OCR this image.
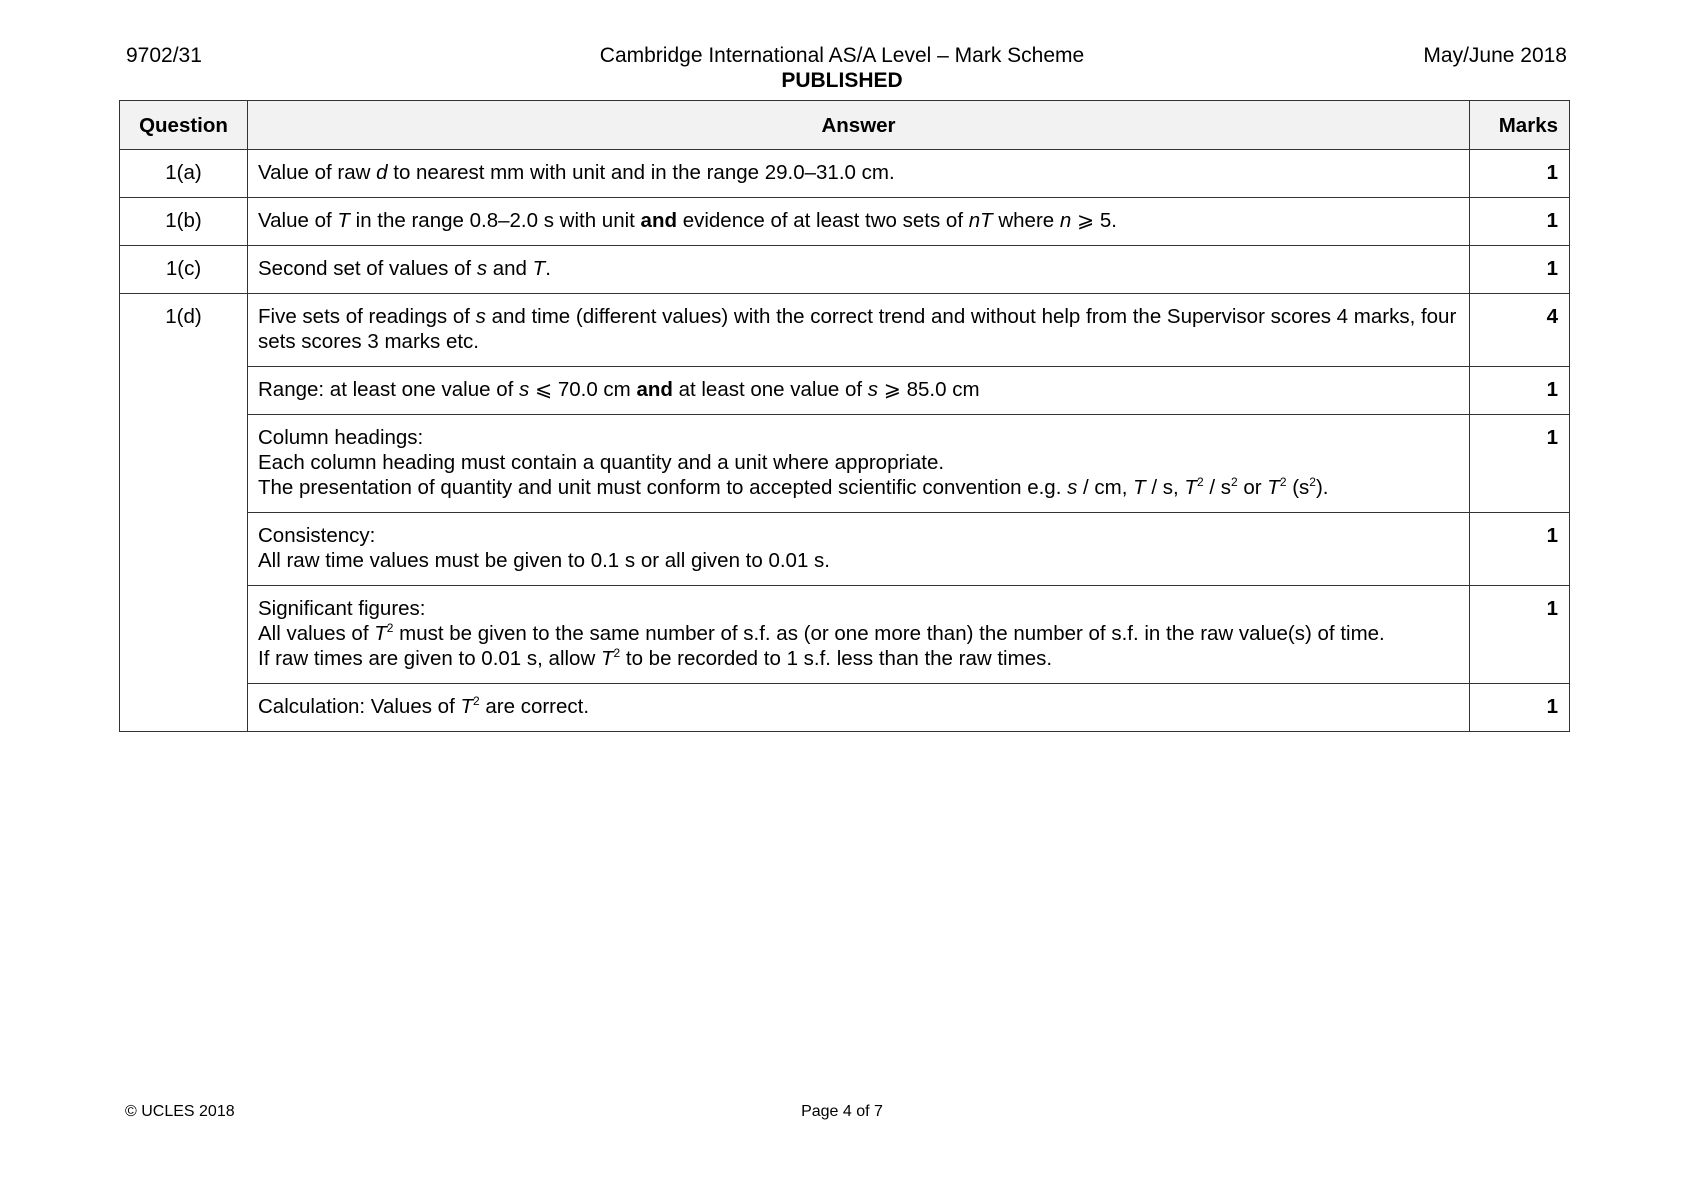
9702/31	Cambridge International AS/A Level – Mark Scheme
PUBLISHED
May/June 2018
Question	Answer	Marks
1(a)	Value of raw d to nearest mm with unit and in the range 29.0–31.0 cm.	1
1(b)	Value of T in the range 0.8–2.0 s with unit and evidence of at least two sets of nT where n ⩾ 5.	1
1(c)	Second set of values of s and T.	1
1(d)	Five sets of readings of s and time (different values) with the correct trend and without help from the Supervisor scores 4 marks, four sets scores 3 marks etc.	4
	Range: at least one value of s ⩽ 70.0 cm and at least one value of s ⩾ 85.0 cm	1
	Column headings:
Each column heading must contain a quantity and a unit where appropriate.
The presentation of quantity and unit must conform to accepted scientific convention e.g. s / cm, T / s, $T^2 / s^2$ or $T^2$ $(s^2)$.	1
	Consistency:
All raw time values must be given to 0.1 s or all given to 0.01 s.	1
	Significant figures:
All values of $T^2$ must be given to the same number of s.f. as (or one more than) the number of s.f. in the raw value(s) of time.
If raw times are given to 0.01 s, allow $T^2$ to be recorded to 1 s.f. less than the raw times.	1
	Calculation: Values of $T^2$ are correct.	1
© UCLES 2018	Page 4 of 7
